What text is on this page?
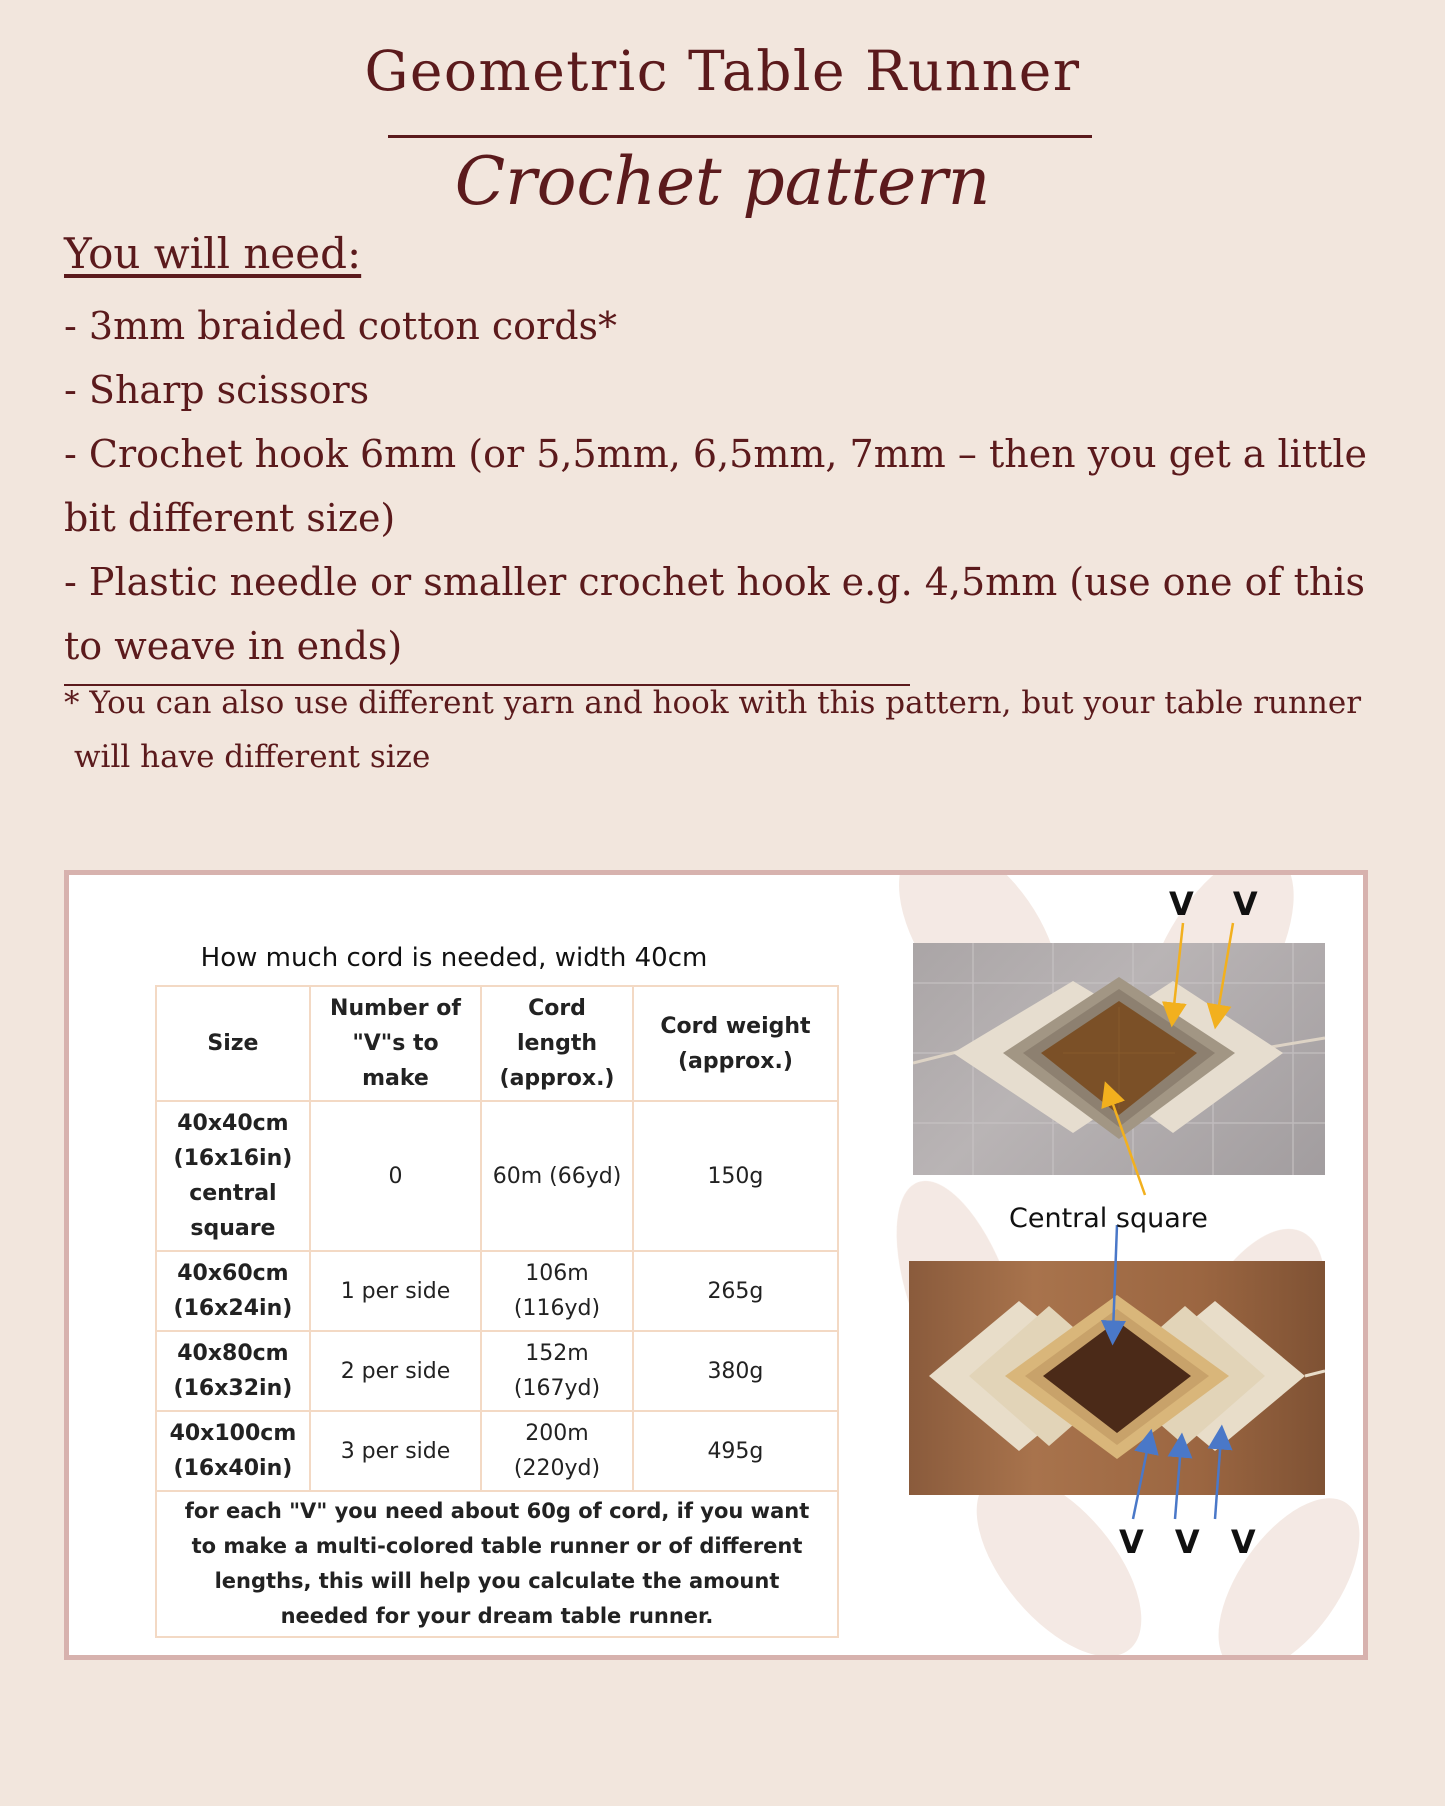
Geometric Table Runner
Crochet pattern
You will need:
- 3mm braided cotton cords*
- Sharp scissors
- Crochet hook 6mm (or 5,5mm, 6,5mm, 7mm – then you get a little bit different size)
- Plastic needle or smaller crochet hook e.g. 4,5mm (use one of this to weave in ends)
* You can also use different yarn and hook with this pattern, but your table runner
will have different size
How much cord is needed, width 40cm
Size	Number of "V"s to make	Cord length (approx.)	Cord weight (approx.)
40x40cm (16x16in) central square	0	60m (66yd)	150g
40x60cm (16x24in)	1 per side	106m (116yd)	265g
40x80cm (16x32in)	2 per side	152m (167yd)	380g
40x100cm (16x40in)	3 per side	200m (220yd)	495g
for each "V" you need about 60g of cord, if you want to make a multi-colored table runner or of different lengths, this will help you calculate the amount needed for your dream table runner.			
V V
Central square
V V V
